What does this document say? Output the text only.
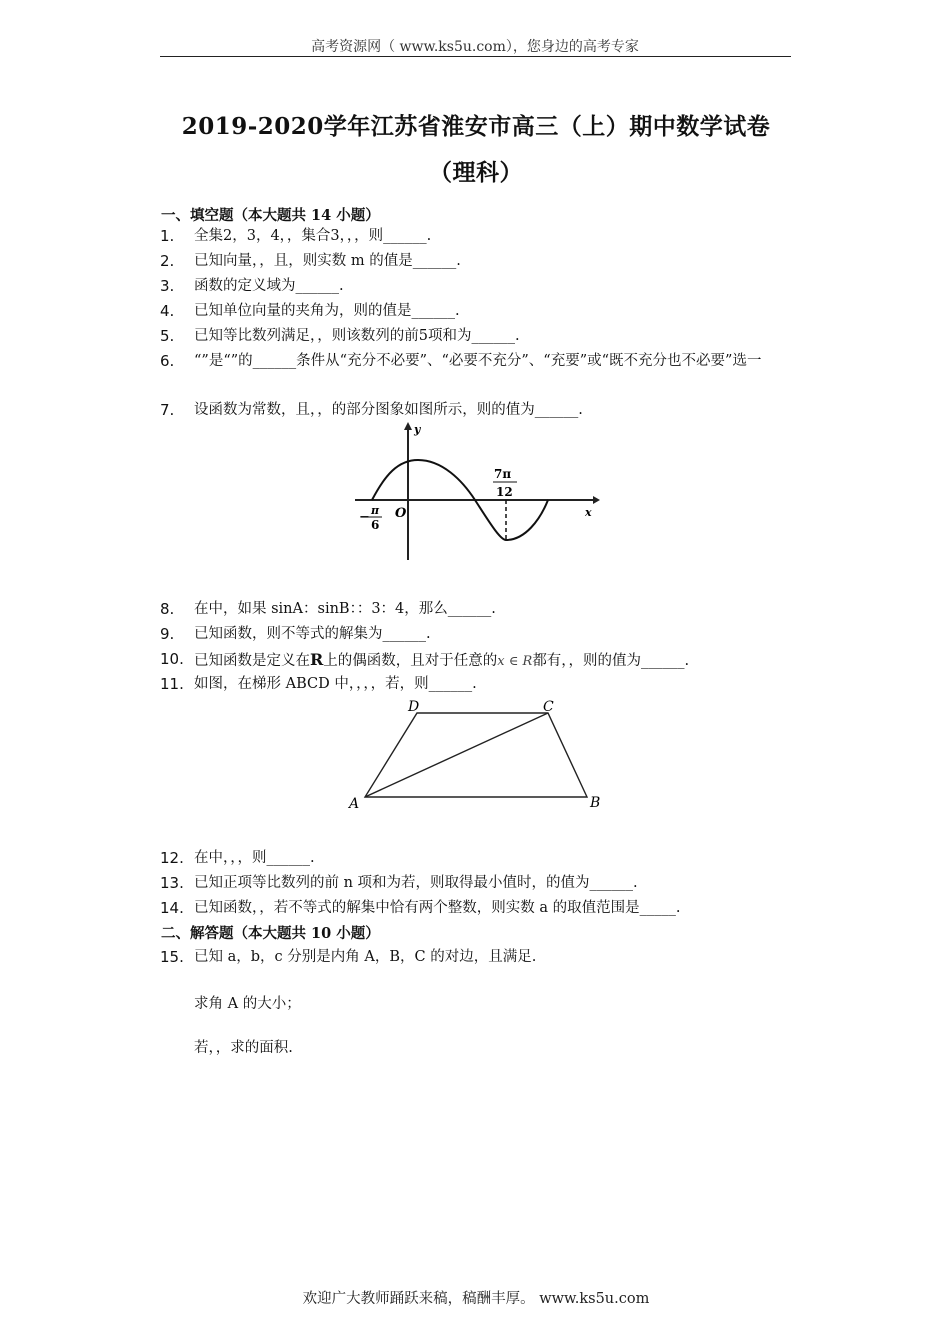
高考资源网（ www.ks5u.com），您身边的高考专家
2019-2020学年江苏省淮安市高三（上）期中数学试卷（理科）
一、填空题（本大题共 14 小题）
1. 全集2，3，4，，集合3，，，则______.
2. 已知向量，，且，则实数 m 的值是______.
3. 函数的定义域为______.
4. 已知单位向量的夹角为，则的值是______.
5. 已知等比数列满足，，则该数列的前5项和为______.
6. “”是“”的______条件从“充分不必要”、“必要不充分”、“充要”或“既不充分也不必要”选一
7. 设函数为常数，且，，的部分图象如图所示，则的值为______.
y
x
O
− π
6
7π
12
8. 在中，如果 sinA：sinB：：3：4，那么______.
9. 已知函数，则不等式的解集为______.
10. 已知函数是定义在R上的偶函数，且对于任意的x ∈ R都有，，则的值为______.
11. 如图，在梯形 ABCD 中，，，，若，则______.
D	C
A	B
12. 在中，，，则______.
13. 已知正项等比数列的前 n 项和为若，则取得最小值时，的值为______.
14. 已知函数，，若不等式的解集中恰有两个整数，则实数 a 的取值范围是_____.
二、解答题（本大题共 10 小题）
15. 已知 a，b，c 分别是内角 A，B，C 的对边，且满足.
求角 A 的大小；
若，，求的面积.
欢迎广大教师踊跃来稿，稿酬丰厚。 www.ks5u.com
